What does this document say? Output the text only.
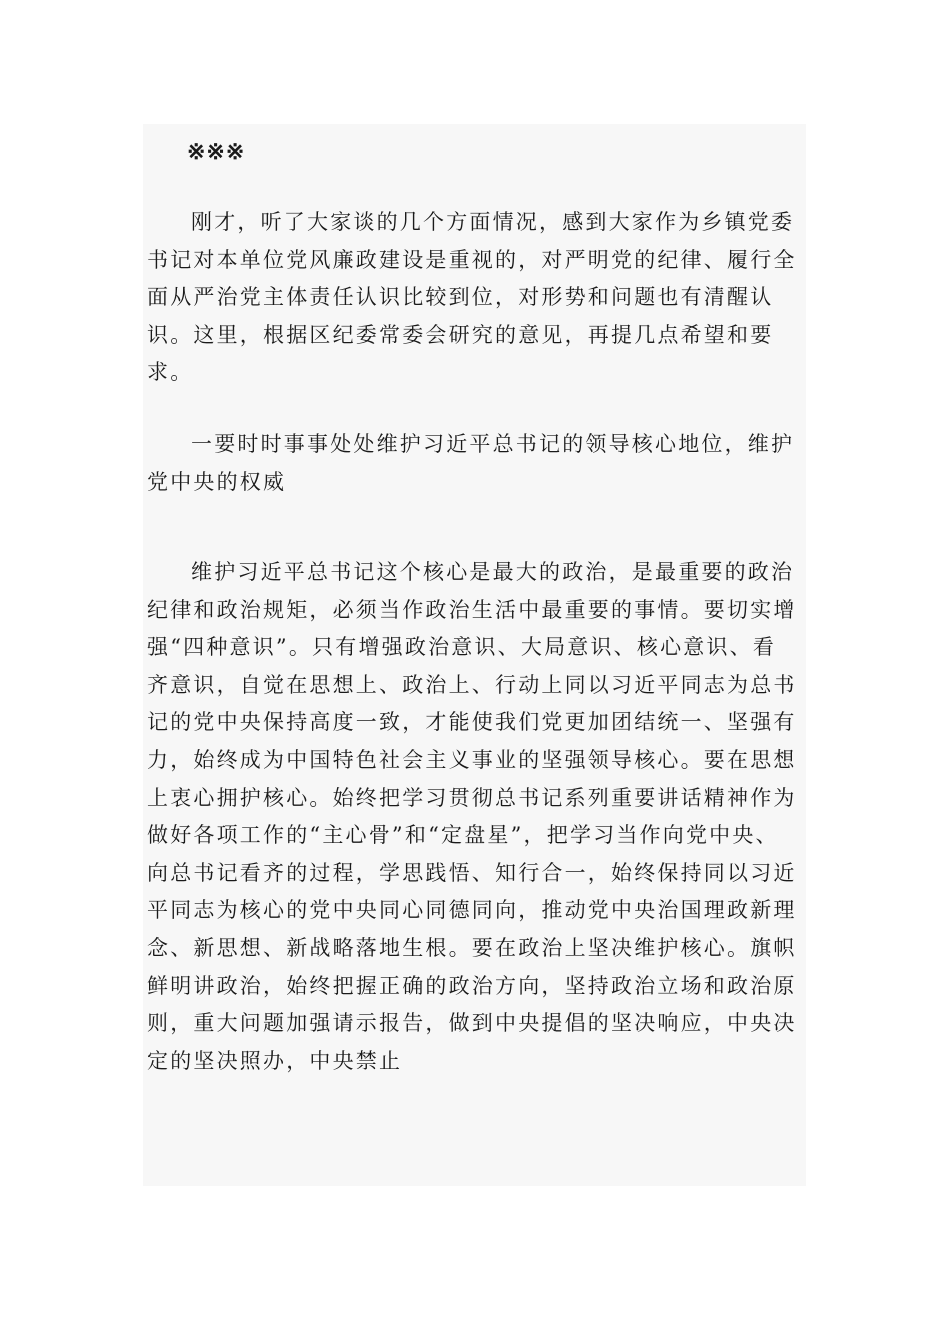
※※※

刚才，听了大家谈的几个方面情况，感到大家作为乡镇党委书记对本单位党风廉政建设是重视的，对严明党的纪律、履行全面从严治党主体责任认识比较到位，对形势和问题也有清醒认识。这里，根据区纪委常委会研究的意见，再提几点希望和要求。

一要时时事事处处维护习近平总书记的领导核心地位，维护党中央的权威

维护习近平总书记这个核心是最大的政治，是最重要的政治纪律和政治规矩，必须当作政治生活中最重要的事情。要切实增强“四种意识”。只有增强政治意识、大局意识、核心意识、看齐意识，自觉在思想上、政治上、行动上同以习近平同志为总书记的党中央保持高度一致，才能使我们党更加团结统一、坚强有力，始终成为中国特色社会主义事业的坚强领导核心。要在思想上衷心拥护核心。始终把学习贯彻总书记系列重要讲话精神作为做好各项工作的“主心骨”和“定盘星”，把学习当作向党中央、向总书记看齐的过程，学思践悟、知行合一，始终保持同以习近平同志为核心的党中央同心同德同向，推动党中央治国理政新理念、新思想、新战略落地生根。要在政治上坚决维护核心。旗帜鲜明讲政治，始终把握正确的政治方向，坚持政治立场和政治原则，重大问题加强请示报告，做到中央提倡的坚决响应，中央决定的坚决照办，中央禁止
